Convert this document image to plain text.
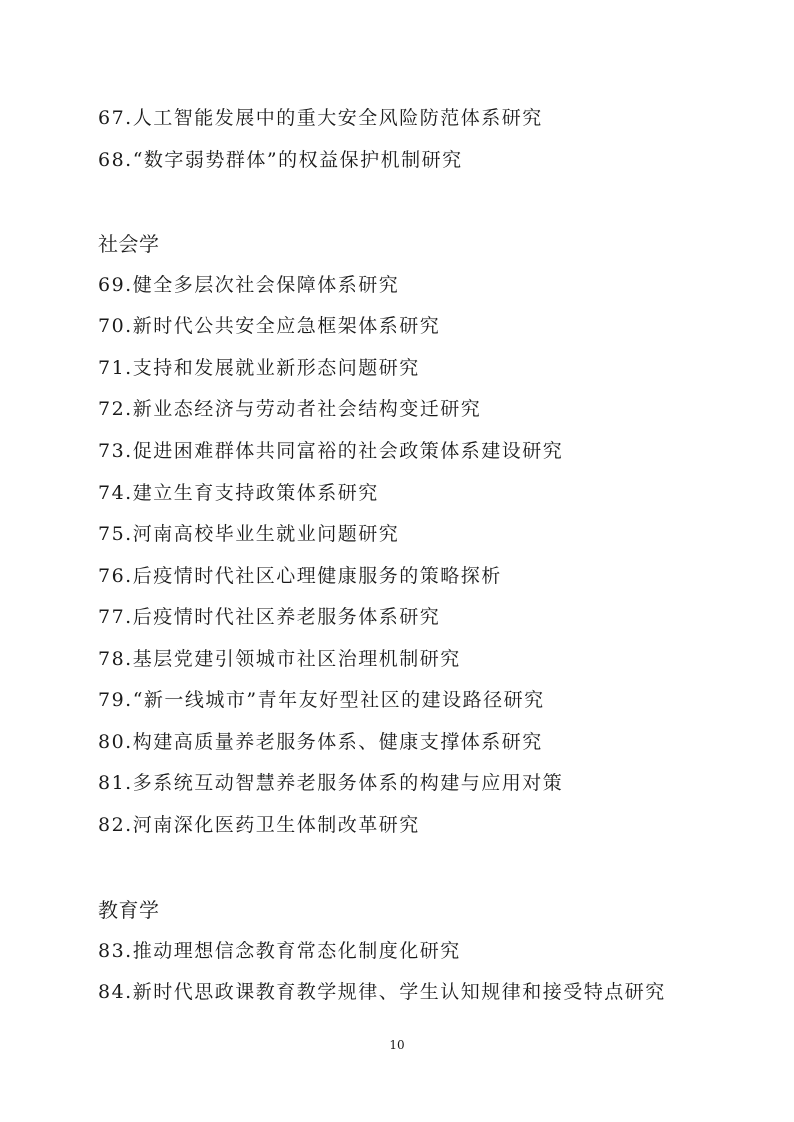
67.人工智能发展中的重大安全风险防范体系研究
68.“数字弱势群体”的权益保护机制研究
社会学
69.健全多层次社会保障体系研究
70.新时代公共安全应急框架体系研究
71.支持和发展就业新形态问题研究
72.新业态经济与劳动者社会结构变迁研究
73.促进困难群体共同富裕的社会政策体系建设研究
74.建立生育支持政策体系研究
75.河南高校毕业生就业问题研究
76.后疫情时代社区心理健康服务的策略探析
77.后疫情时代社区养老服务体系研究
78.基层党建引领城市社区治理机制研究
79.“新一线城市”青年友好型社区的建设路径研究
80.构建高质量养老服务体系、健康支撑体系研究
81.多系统互动智慧养老服务体系的构建与应用对策
82.河南深化医药卫生体制改革研究
教育学
83.推动理想信念教育常态化制度化研究
84.新时代思政课教育教学规律、学生认知规律和接受特点研究
10
